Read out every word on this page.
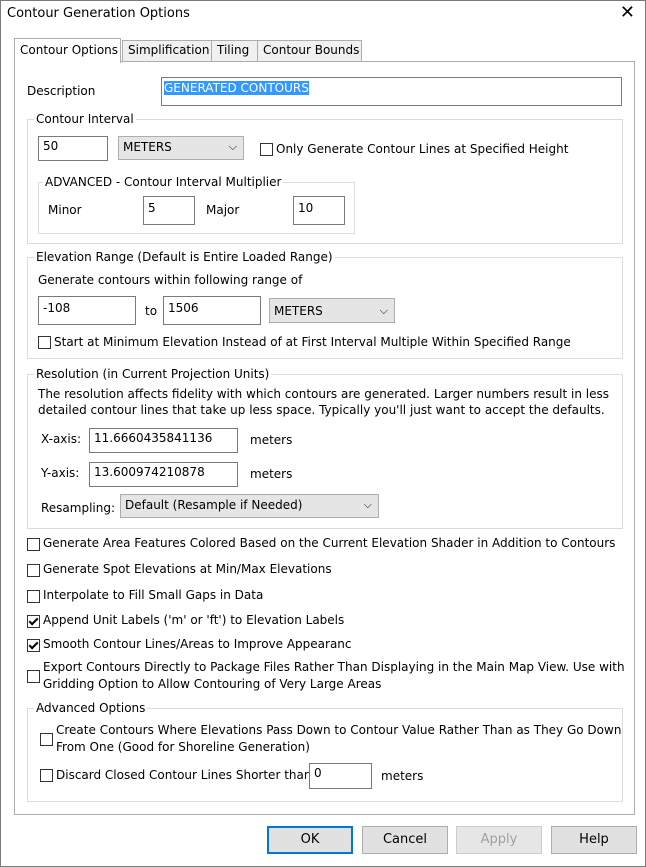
Contour Generation Options	✕
Contour Options Simplification Tiling	Contour Bounds
Description	GENERATED CONTOURS
Contour Interval
50	METERS	⌵	Only Generate Contour Lines at Specified Height
ADVANCED - Contour Interval Multiplier
Minor	5	Major	10
Elevation Range (Default is Entire Loaded Range)
Generate contours within following range of
-108	to 1506	METERS	⌵
Start at Minimum Elevation Instead of at First Interval Multiple Within Specified Range
Resolution (in Current Projection Units)
The resolution affects fidelity with which contours are generated. Larger numbers result in less
detailed contour lines that take up less space. Typically you'll just want to accept the defaults.
X-axis:	11.6660435841136	meters
Y-axis:	13.600974210878	meters
Resampling: Default (Resample if Needed)	⌵
Generate Area Features Colored Based on the Current Elevation Shader in Addition to Contours
Generate Spot Elevations at Min/Max Elevations
Interpolate to Fill Small Gaps in Data
Append Unit Labels ('m' or 'ft') to Elevation Labels
Smooth Contour Lines/Areas to Improve Appearanc
Export Contours Directly to Package Files Rather Than Displaying in the Main Map View. Use with
Gridding Option to Allow Contouring of Very Large Areas
Advanced Options
Create Contours Where Elevations Pass Down to Contour Value Rather Than as They Go Down
From One (Good for Shoreline Generation)
Discard Closed Contour Lines Shorter thar 0	meters
OK	Cancel	Apply	Help
